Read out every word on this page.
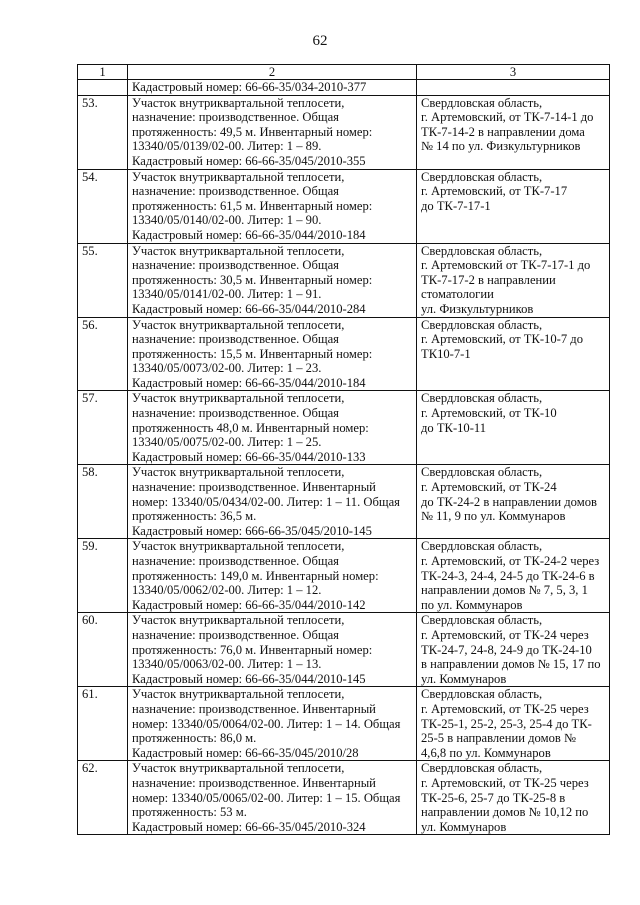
62
1	2	3

	Кадастровый номер: 66-66-35/034-2010-377	

53.	Участок внутриквартальной теплосети,
назначение: производственное. Общая
протяженность: 49,5 м. Инвентарный номер:
13340/05/0139/02-00. Литер: 1 – 89.
Кадастровый номер: 66-66-35/045/2010-355	Свердловская область,
г. Артемовский, от ТК-7-14-1 до
ТК-7-14-2 в направлении дома
№ 14 по ул. Физкультурников

54.	Участок внутриквартальной теплосети,
назначение: производственное. Общая
протяженность: 61,5 м. Инвентарный номер:
13340/05/0140/02-00. Литер: 1 – 90.
Кадастровый номер: 66-66-35/044/2010-184	Свердловская область,
г. Артемовский, от ТК-7-17
до ТК-7-17-1

55.	Участок внутриквартальной теплосети,
назначение: производственное. Общая
протяженность: 30,5 м. Инвентарный номер:
13340/05/0141/02-00. Литер: 1 – 91.
Кадастровый номер: 66-66-35/044/2010-284	Свердловская область,
г. Артемовский от ТК-7-17-1 до
ТК-7-17-2 в направлении
стоматологии
ул. Физкультурников

56.	Участок внутриквартальной теплосети,
назначение: производственное. Общая
протяженность: 15,5 м. Инвентарный номер:
13340/05/0073/02-00. Литер: 1 – 23.
Кадастровый номер: 66-66-35/044/2010-184	Свердловская область,
г. Артемовский, от ТК-10-7 до
ТК10-7-1

57.	Участок внутриквартальной теплосети,
назначение: производственное. Общая
протяженность 48,0 м. Инвентарный номер:
13340/05/0075/02-00. Литер: 1 – 25.
Кадастровый номер: 66-66-35/044/2010-133	Свердловская область,
г. Артемовский, от ТК-10
до ТК-10-11

58.	Участок внутриквартальной теплосети,
назначение: производственное. Инвентарный
номер: 13340/05/0434/02-00. Литер: 1 – 11. Общая
протяженность: 36,5 м.
Кадастровый номер: 666-66-35/045/2010-145	Свердловская область,
г. Артемовский, от ТК-24
до ТК-24-2 в направлении домов
№ 11, 9 по ул. Коммунаров

59.	Участок внутриквартальной теплосети,
назначение: производственное. Общая
протяженность: 149,0 м. Инвентарный номер:
13340/05/0062/02-00. Литер: 1 – 12.
Кадастровый номер: 66-66-35/044/2010-142	Свердловская область,
г. Артемовский, от ТК-24-2 через
ТК-24-3, 24-4, 24-5 до ТК-24-6 в
направлении домов № 7, 5, 3, 1
по ул. Коммунаров

60.	Участок внутриквартальной теплосети,
назначение: производственное. Общая
протяженность: 76,0 м. Инвентарный номер:
13340/05/0063/02-00. Литер: 1 – 13.
Кадастровый номер: 66-66-35/044/2010-145	Свердловская область,
г. Артемовский, от ТК-24 через
ТК-24-7, 24-8, 24-9 до ТК-24-10
в направлении домов № 15, 17 по
ул. Коммунаров

61.	Участок внутриквартальной теплосети,
назначение: производственное. Инвентарный
номер: 13340/05/0064/02-00. Литер: 1 – 14. Общая
протяженность: 86,0 м.
Кадастровый номер: 66-66-35/045/2010/28	Свердловская область,
г. Артемовский, от ТК-25 через
ТК-25-1, 25-2, 25-3, 25-4 до ТК-
25-5 в направлении домов №
4,6,8 по ул. Коммунаров

62.	Участок внутриквартальной теплосети,
назначение: производственное. Инвентарный
номер: 13340/05/0065/02-00. Литер: 1 – 15. Общая
протяженность: 53 м.
Кадастровый номер: 66-66-35/045/2010-324	Свердловская область,
г. Артемовский, от ТК-25 через
ТК-25-6, 25-7 до ТК-25-8 в
направлении домов № 10,12 по
ул. Коммунаров
